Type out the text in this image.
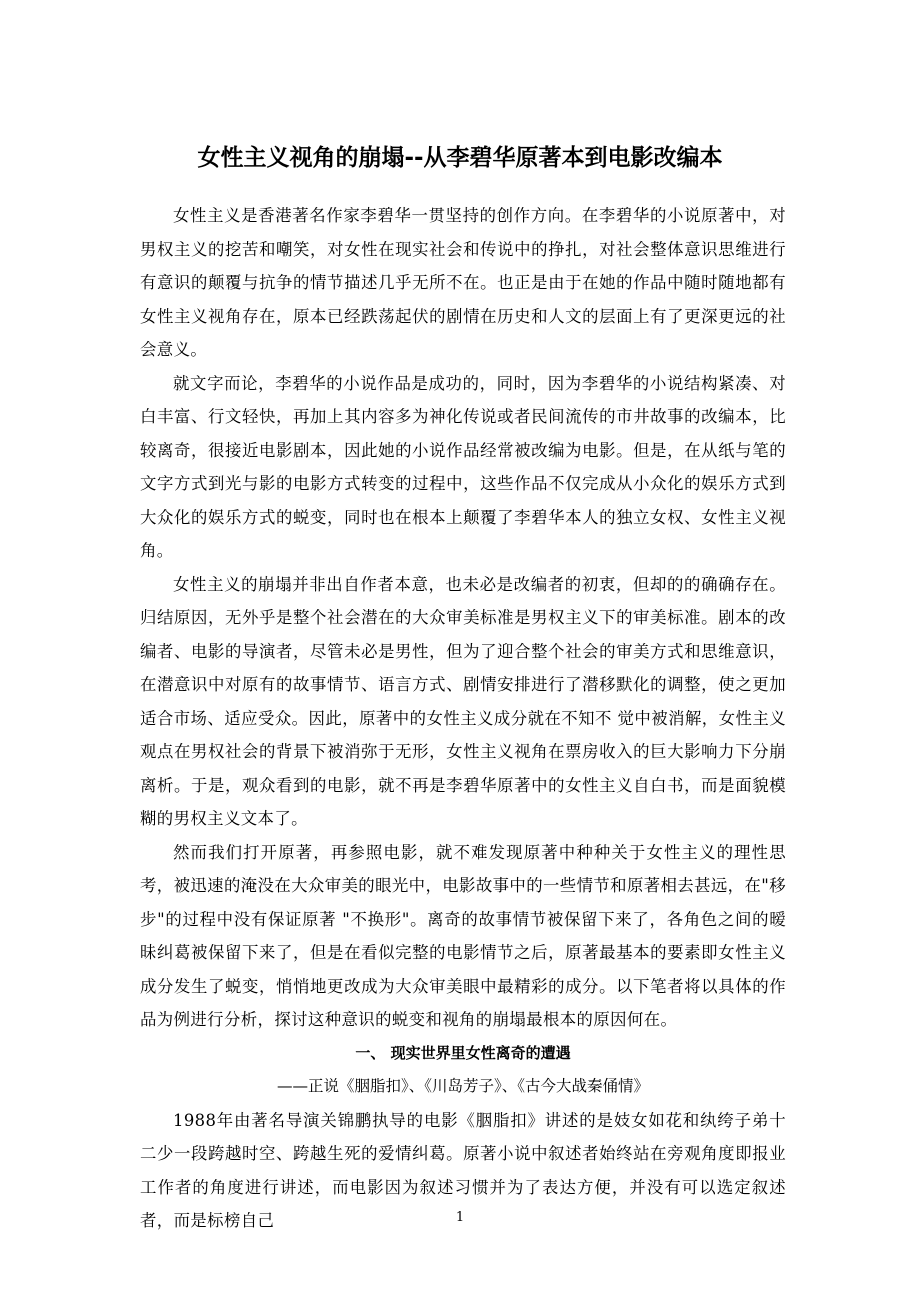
女性主义视角的崩塌--从李碧华原著本到电影改编本

女性主义是香港著名作家李碧华一贯坚持的创作方向。在李碧华的小说原著中，对男权主义的挖苦和嘲笑，对女性在现实社会和传说中的挣扎，对社会整体意识思维进行有意识的颠覆与抗争的情节描述几乎无所不在。也正是由于在她的作品中随时随地都有女性主义视角存在，原本已经跌荡起伏的剧情在历史和人文的层面上有了更深更远的社会意义。

就文字而论，李碧华的小说作品是成功的，同时，因为李碧华的小说结构紧凑、对白丰富、行文轻快，再加上其内容多为神化传说或者民间流传的市井故事的改编本，比较离奇，很接近电影剧本，因此她的小说作品经常被改编为电影。但是，在从纸与笔的文字方式到光与影的电影方式转变的过程中，这些作品不仅完成从小众化的娱乐方式到大众化的娱乐方式的蜕变，同时也在根本上颠覆了李碧华本人的独立女权、女性主义视角。

女性主义的崩塌并非出自作者本意，也未必是改编者的初衷，但却的的确确存在。归结原因，无外乎是整个社会潜在的大众审美标准是男权主义下的审美标准。剧本的改编者、电影的导演者，尽管未必是男性，但为了迎合整个社会的审美方式和思维意识，在潜意识中对原有的故事情节、语言方式、剧情安排进行了潜移默化的调整，使之更加适合市场、适应受众。因此，原著中的女性主义成分就在不知不 觉中被消解，女性主义观点在男权社会的背景下被消弥于无形，女性主义视角在票房收入的巨大影响力下分崩离析。于是，观众看到的电影，就不再是李碧华原著中的女性主义自白书，而是面貌模糊的男权主义文本了。

然而我们打开原著，再参照电影，就不难发现原著中种种关于女性主义的理性思考，被迅速的淹没在大众审美的眼光中，电影故事中的一些情节和原著相去甚远，在"移步"的过程中没有保证原著 "不换形"。离奇的故事情节被保留下来了，各角色之间的暧昧纠葛被保留下来了，但是在看似完整的电影情节之后，原著最基本的要素即女性主义成分发生了蜕变，悄悄地更改成为大众审美眼中最精彩的成分。以下笔者将以具体的作品为例进行分析，探讨这种意识的蜕变和视角的崩塌最根本的原因何在。

一、 现实世界里女性离奇的遭遇

——正说《胭脂扣》、《川岛芳子》、《古今大战秦俑情》

1988年由著名导演关锦鹏执导的电影《胭脂扣》讲述的是妓女如花和纨绔子弟十二少一段跨越时空、跨越生死的爱情纠葛。原著小说中叙述者始终站在旁观角度即报业工作者的角度进行讲述，而电影因为叙述习惯并为了表达方便，并没有可以选定叙述者，而是标榜自己	1
